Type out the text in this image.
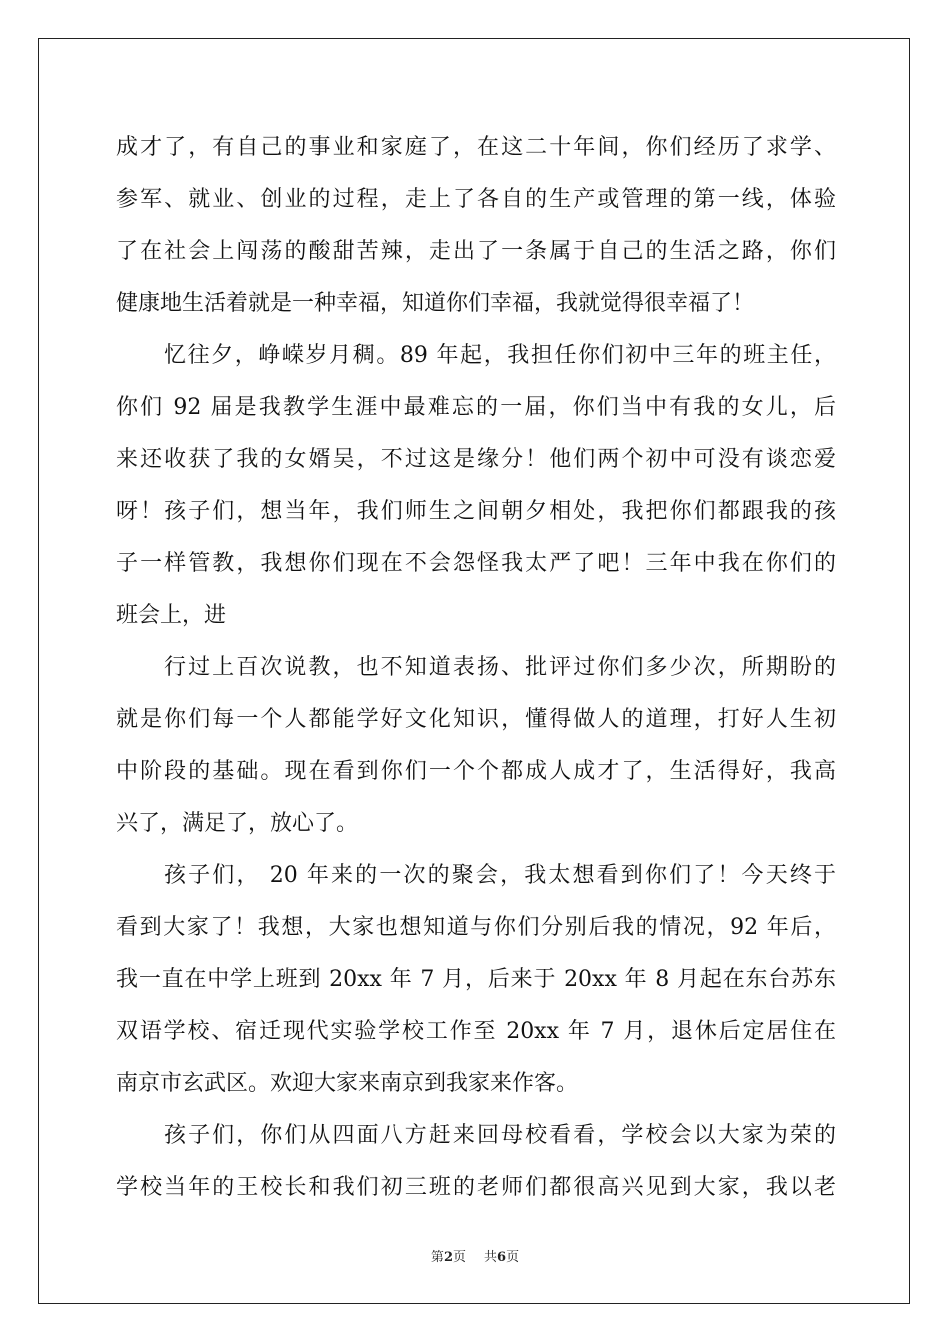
成才了，有自己的事业和家庭了，在这二十年间，你们经历了求学、
参军、就业、创业的过程，走上了各自的生产或管理的第一线，体验
了在社会上闯荡的酸甜苦辣，走出了一条属于自己的生活之路，你们
健康地生活着就是一种幸福，知道你们幸福，我就觉得很幸福了！
忆往夕，峥嵘岁月稠。89 年起，我担任你们初中三年的班主任，
你们 92 届是我教学生涯中最难忘的一届，你们当中有我的女儿，后
来还收获了我的女婿吴，不过这是缘分！他们两个初中可没有谈恋爱
呀！孩子们，想当年，我们师生之间朝夕相处，我把你们都跟我的孩
子一样管教，我想你们现在不会怨怪我太严了吧！三年中我在你们的
班会上，进
行过上百次说教，也不知道表扬、批评过你们多少次，所期盼的
就是你们每一个人都能学好文化知识，懂得做人的道理，打好人生初
中阶段的基础。现在看到你们一个个都成人成才了，生活得好，我高
兴了，满足了，放心了。
孩子们， 20 年来的一次的聚会，我太想看到你们了！今天终于
看到大家了！我想，大家也想知道与你们分别后我的情况，92 年后，
我一直在中学上班到 20xx 年 7 月，后来于 20xx 年 8 月起在东台苏东
双语学校、宿迁现代实验学校工作至 20xx 年 7 月，退休后定居住在
南京市玄武区。欢迎大家来南京到我家来作客。
孩子们，你们从四面八方赶来回母校看看，学校会以大家为荣的
学校当年的王校长和我们初三班的老师们都很高兴见到大家，我以老
第2页 共6页
